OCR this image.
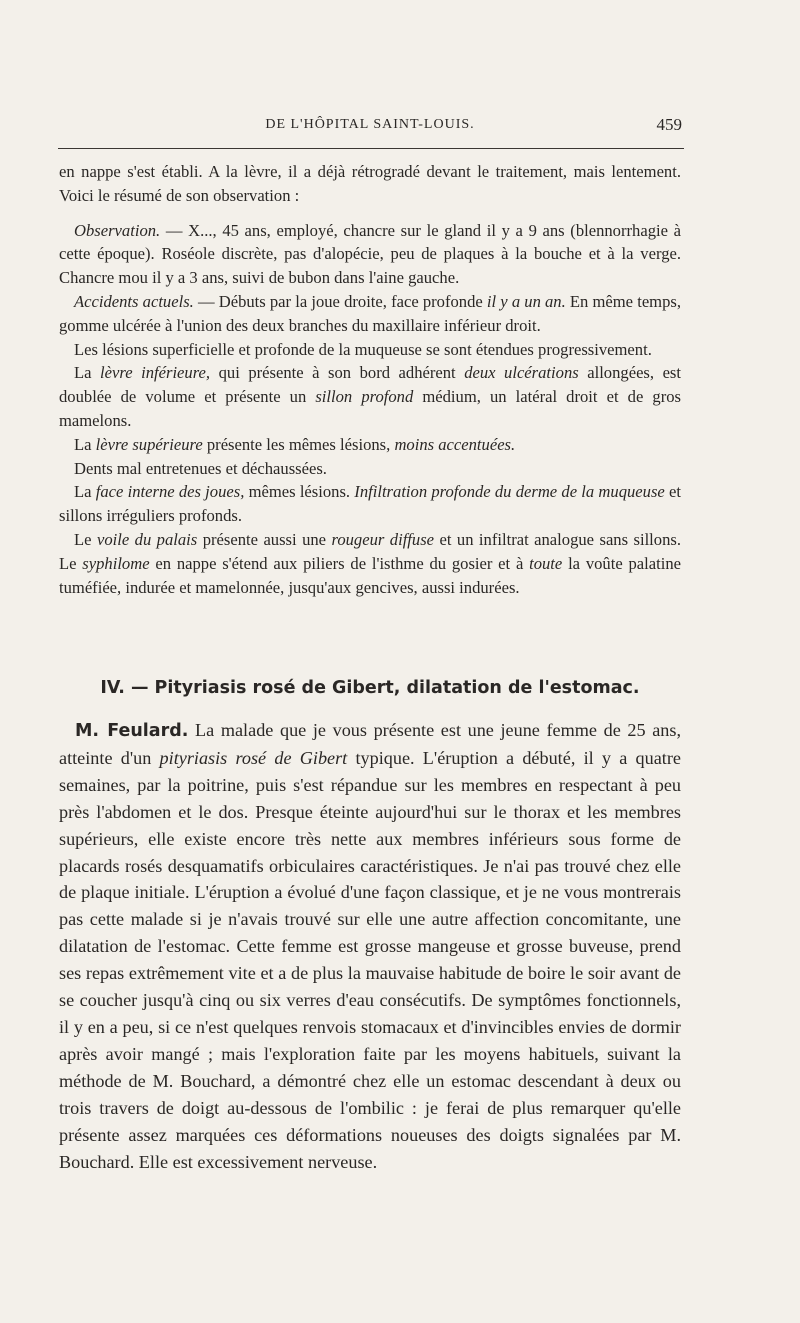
DE L'HÔPITAL SAINT-LOUIS.	459

en nappe s'est établi. A la lèvre, il a déjà rétrogradé devant le traitement, mais lentement. Voici le résumé de son observation :

Observation. — X..., 45 ans, employé, chancre sur le gland il y a 9 ans (blennorrhagie à cette époque). Roséole discrète, pas d'alopécie, peu de plaques à la bouche et à la verge. Chancre mou il y a 3 ans, suivi de bubon dans l'aine gauche.

Accidents actuels. — Débuts par la joue droite, face profonde il y a un an. En même temps, gomme ulcérée à l'union des deux branches du maxillaire inférieur droit.

Les lésions superficielle et profonde de la muqueuse se sont étendues progressivement.

La lèvre inférieure, qui présente à son bord adhérent deux ulcérations allongées, est doublée de volume et présente un sillon profond médium, un latéral droit et de gros mamelons.

La lèvre supérieure présente les mêmes lésions, moins accentuées.

Dents mal entretenues et déchaussées.

La face interne des joues, mêmes lésions. Infiltration profonde du derme de la muqueuse et sillons irréguliers profonds.

Le voile du palais présente aussi une rougeur diffuse et un infiltrat analogue sans sillons. Le syphilome en nappe s'étend aux piliers de l'isthme du gosier et à toute la voûte palatine tuméfiée, indurée et mamelonnée, jusqu'aux gencives, aussi indurées.

IV. — Pityriasis rosé de Gibert, dilatation de l'estomac.

M. Feulard. La malade que je vous présente est une jeune femme de 25 ans, atteinte d'un pityriasis rosé de Gibert typique. L'éruption a débuté, il y a quatre semaines, par la poitrine, puis s'est répandue sur les membres en respectant à peu près l'abdomen et le dos. Presque éteinte aujourd'hui sur le thorax et les membres supérieurs, elle existe encore très nette aux membres inférieurs sous forme de placards rosés desquamatifs orbiculaires caractéristiques. Je n'ai pas trouvé chez elle de plaque initiale. L'éruption a évolué d'une façon classique, et je ne vous montrerais pas cette malade si je n'avais trouvé sur elle une autre affection concomitante, une dilatation de l'estomac. Cette femme est grosse mangeuse et grosse buveuse, prend ses repas extrêmement vite et a de plus la mauvaise habitude de boire le soir avant de se coucher jusqu'à cinq ou six verres d'eau consécutifs. De symptômes fonctionnels, il y en a peu, si ce n'est quelques renvois stomacaux et d'invincibles envies de dormir après avoir mangé ; mais l'exploration faite par les moyens habituels, suivant la méthode de M. Bouchard, a démontré chez elle un estomac descendant à deux ou trois travers de doigt au-dessous de l'ombilic : je ferai de plus remarquer qu'elle présente assez marquées ces déformations noueuses des doigts signalées par M. Bouchard. Elle est excessivement nerveuse.
